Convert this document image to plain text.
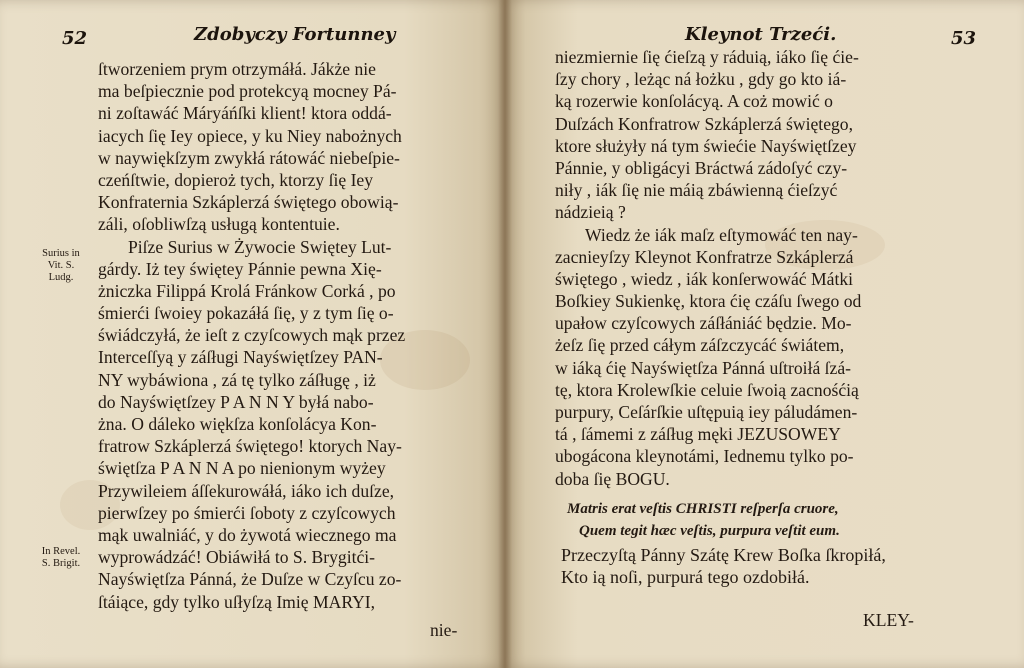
52	Zdobyczy Fortunney
ſtworzeniem prym otrzymáłá. Jákże nie
ma beſpiecznie pod protekcyą mocney Pá-
ni zoſtawáć Máryáńſki klient! ktora oddá-
iacych ſię Iey opiece, y ku Niey nabożnych
w naywiękſzym zwykłá rátowáć niebeſpie-
czeńſtwie, dopieroż tych, ktorzy ſię Iey
Konfraternia Szkáplerzá świętego obowią-
záli, oſobliwſzą usługą kontentuie.
Piſze Surius w Żywocie Swiętey Lut-
gárdy. Iż tey świętey Pánnie pewna Xię-
żniczka Filippá Krolá Fránkow Corká , po
śmierći ſwoiey pokazáłá ſię, y z tym ſię o-
świádczyłá, że ieſt z czyſcowych mąk przez
Interceſſyą y záſługi Nayświętſzey PAN-
NY wybáwiona , zá tę tylko záſługę , iż
do Nayświętſzey P A N N Y byłá nabo-
żna. O dáleko więkſza konſolácya Kon-
fratrow Szkáplerzá świętego! ktorych Nay-
świętſza P A N N A po nienionym wyżey
Przywileiem áſſekurowáłá, iáko ich duſze,
pierwſzey po śmierći ſoboty z czyſcowych
mąk uwalniáć, y do żywotá wiecznego ma
wyprowádzáć! Obiáwiłá to S. Brygitći-
Nayświętſza Pánná, że Duſze w Czyſcu zo-
ſtáiące, gdy tylko uſłyſzą Imię MARYI,
Surius in
Vit. S.
Ludg.
In Revel.
S. Brigit.
nie-
Kleynot Trzeći.	53
niezmiernie ſię ćieſzą y ráduią, iáko ſię ćie-
ſzy chory , leżąc ná łożku , gdy go kto iá-
ką rozerwie konſolácyą. A coż mowić o
Duſzách Konfratrow Szkáplerzá świętego,
ktore służyły ná tym świećie Nayświętſzey
Pánnie, y obligácyi Bráctwá zádoſyć czy-
niły , iák ſię nie máią zbáwienną ćieſzyć
nádzieią ?
Wiedz że iák maſz eſtymowáć ten nay-
zacnieyſzy Kleynot Konfratrze Szkáplerzá
świętego , wiedz , iák konſerwowáć Mátki
Boſkiey Sukienkę, ktora ćię czáſu ſwego od
upałow czyſcowych záſłániáć będzie. Mo-
żeſz ſię przed cáłym záſzczycáć świátem,
w iáką ćię Nayświętſza Pánná uſtroiłá ſzá-
tę, ktora Krolewſkie celuie ſwoią zacnośćią
purpury, Ceſárſkie uſtępuią iey páludámen-
tá , ſámemi z záſług męki JEZUSOWEY
ubogácona kleynotámi, Iednemu tylko po-
doba ſię BOGU.
Matris erat veſtis CHRISTI reſperſa cruore,
Quem tegit hæc veſtis, purpura veſtit eum.
Przeczyſtą Pánny Szátę Krew Boſka ſkropiłá,
Kto ią noſi, purpurá tego ozdobiłá.
KLEY-
